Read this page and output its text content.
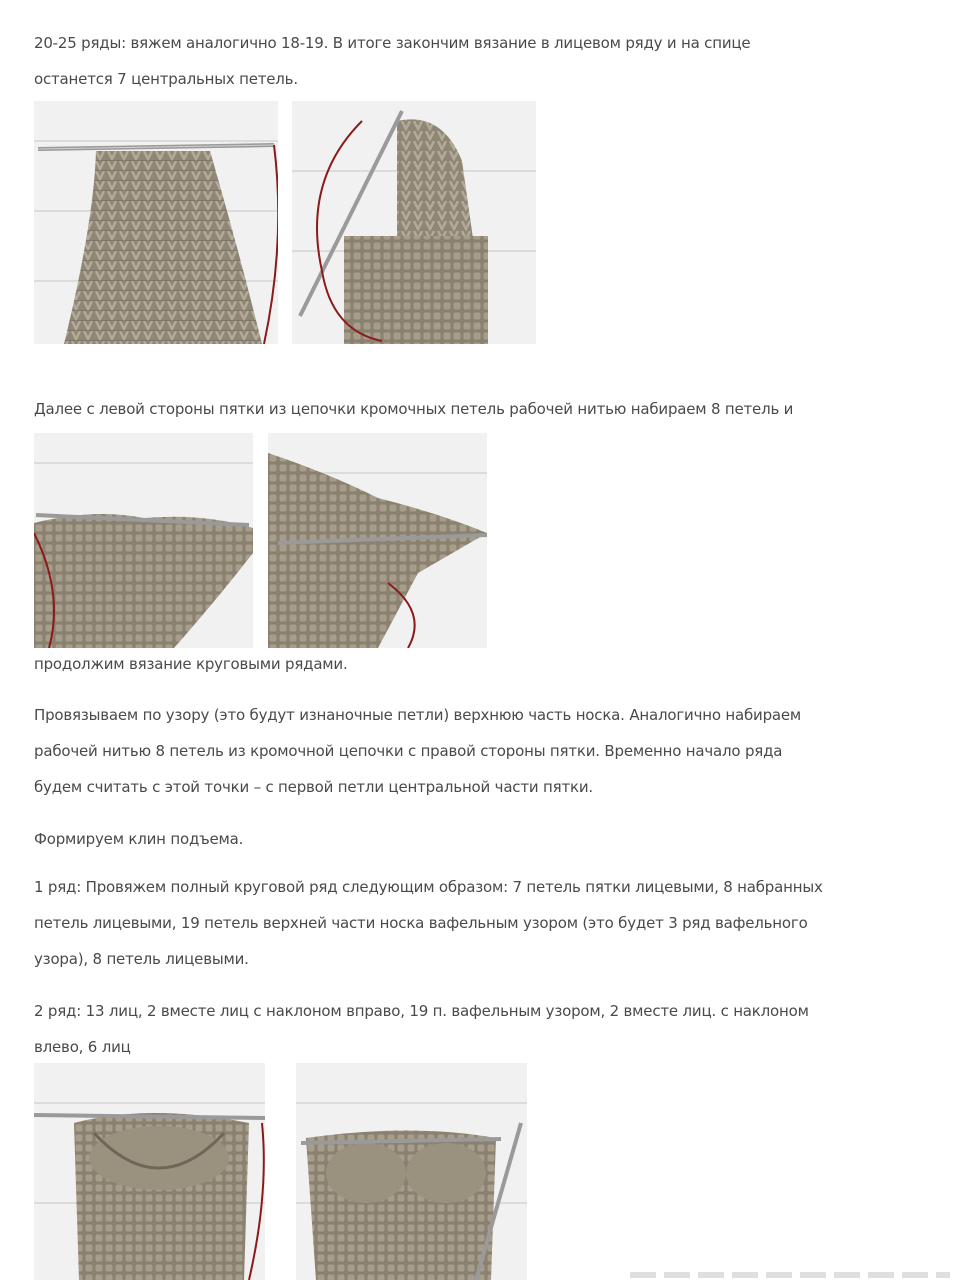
20-25 ряды: вяжем аналогично 18-19. В итоге закончим вязание в лицевом ряду и на спице
останется 7 центральных петель.

Далее с левой стороны пятки из цепочки кромочных петель рабочей нитью набираем 8 петель и

продолжим вязание круговыми рядами.

Провязываем по узору (это будут изнаночные петли) верхнюю часть носка. Аналогично набираем
рабочей нитью 8 петель из кромочной цепочки с правой стороны пятки. Временно начало ряда
будем считать с этой точки – с первой петли центральной части пятки.

Формируем клин подъема.

1 ряд: Провяжем полный круговой ряд следующим образом: 7 петель пятки лицевыми, 8 набранных
петель лицевыми, 19 петель верхней части носка вафельным узором (это будет 3 ряд вафельного
узора), 8 петель лицевыми.

2 ряд: 13 лиц, 2 вместе лиц с наклоном вправо, 19 п. вафельным узором, 2 вместе лиц. с наклоном
влево, 6 лиц
